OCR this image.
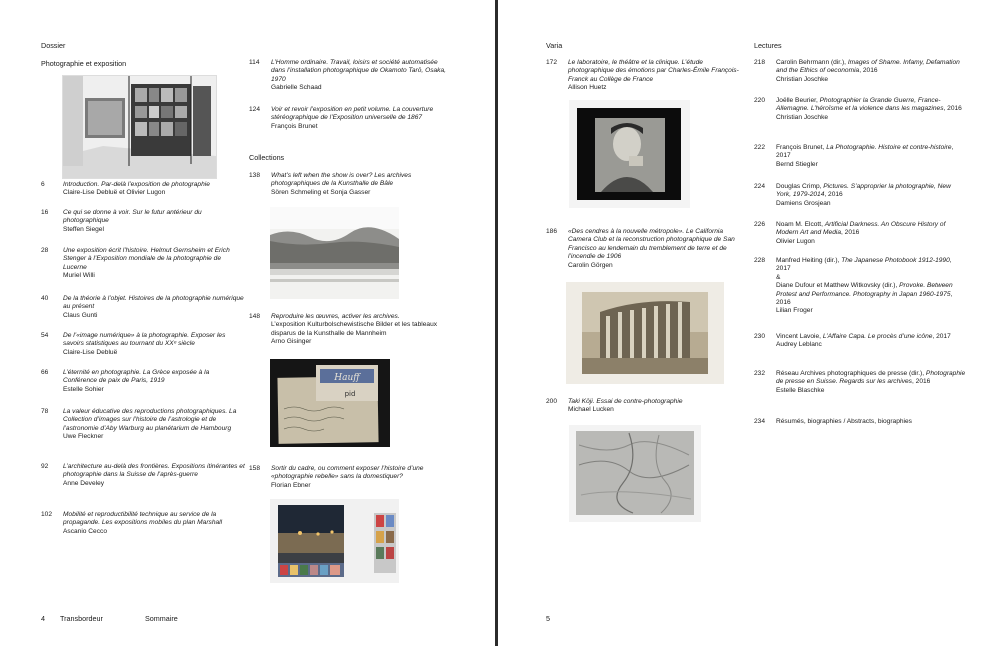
Dossier
Photographie et exposition
6	Introduction. Par-delà l’exposition de photographie
Claire-Lise Debluë et Olivier Lugon
16	Ce qui se donne à voir. Sur le futur antérieur du photographique
Steffen Siegel
28	Une exposition écrit l’histoire. Helmut Gernsheim et Erich Stenger à l’Exposition mondiale de la photographie de Lucerne
Muriel Willi
40	De la théorie à l’objet. Histoires de la photographie numérique au présent
Claus Gunti
54	De l’«image numérique» à la photographie. Exposer les savoirs statistiques au tournant du XXᵉ siècle
Claire-Lise Debluë
66	L’éternité en photographie. La Grèce exposée à la Conférence de paix de Paris, 1919
Estelle Sohier
78	La valeur éducative des reproductions photographiques. La Collection d’images sur l’histoire de l’astrologie et de l’astronomie d’Aby Warburg au planétarium de Hambourg
Uwe Fleckner
92	L’architecture au-delà des frontières. Expositions itinérantes et photographie dans la Suisse de l’après-guerre
Anne Develey
102	Mobilité et reproductibilité technique au service de la propagande. Les expositions mobiles du plan Marshall
Ascanio Cecco
114	L’Homme ordinaire. Travail, loisirs et société automatisée dans l’installation photographique de Okamoto Tarō, Osaka, 1970
Gabrielle Schaad
124	Voir et revoir l’exposition en petit volume. La couverture stéréographique de l’Exposition universelle de 1867
François Brunet
Collections
Hauff
pid
138	What’s left when the show is over? Les archives photographiques de la Kunsthalle de Bâle
Sören Schmeling et Sonja Gasser
148	Reproduire les œuvres, activer les archives.
L’exposition Kulturbolschewistische Bilder et les tableaux disparus de la Kunsthalle de Mannheim
Arno Gisinger
158	Sortir du cadre, ou comment exposer l’histoire d’une «photographie rebelle» sans la domestiquer?
Florian Ebner
4 Transbordeur	Sommaire
Varia	Lectures
172	Le laboratoire, le théâtre et la clinique. L’étude photographique des émotions par Charles-Émile François-Franck au Collège de France
Allison Huetz
186	«Des cendres à la nouvelle métropole». Le California Camera Club et la reconstruction photographique de San Francisco au lendemain du tremblement de terre et de l’incendie de 1906
Carolin Görgen
200	Taki Kōji. Essai de contre-photographie
Michael Lucken
218	Carolin Behrmann (dir.), Images of Shame. Infamy, Defamation and the Ethics of oeconomia, 2016
Christian Joschke
220	Joëlle Beurier, Photographier la Grande Guerre, France-Allemagne. L’héroïsme et la violence dans les magazines, 2016
Christian Joschke
222	François Brunet, La Photographie. Histoire et contre-histoire, 2017
Bernd Stiegler
224	Douglas Crimp, Pictures. S’approprier la photographie, New York, 1979-2014, 2016
Damiens Grosjean
226	Noam M. Elcott, Artificial Darkness. An Obscure History of Modern Art and Media, 2016
Olivier Lugon
228	Manfred Heiting (dir.), The Japanese Photobook 1912-1990, 2017
&
Diane Dufour et Matthew Witkovsky (dir.), Provoke. Between Protest and Performance. Photography in Japan 1960-1975, 2016
Lilian Froger
230	Vincent Lavoie, L’Affaire Capa. Le procès d’une icône, 2017
Audrey Leblanc
232	Réseau Archives photographiques de presse (dir.), Photographie de presse en Suisse. Regards sur les archives, 2016
Estelle Blaschke
234	Résumés, biographies / Abstracts, biographies
5
